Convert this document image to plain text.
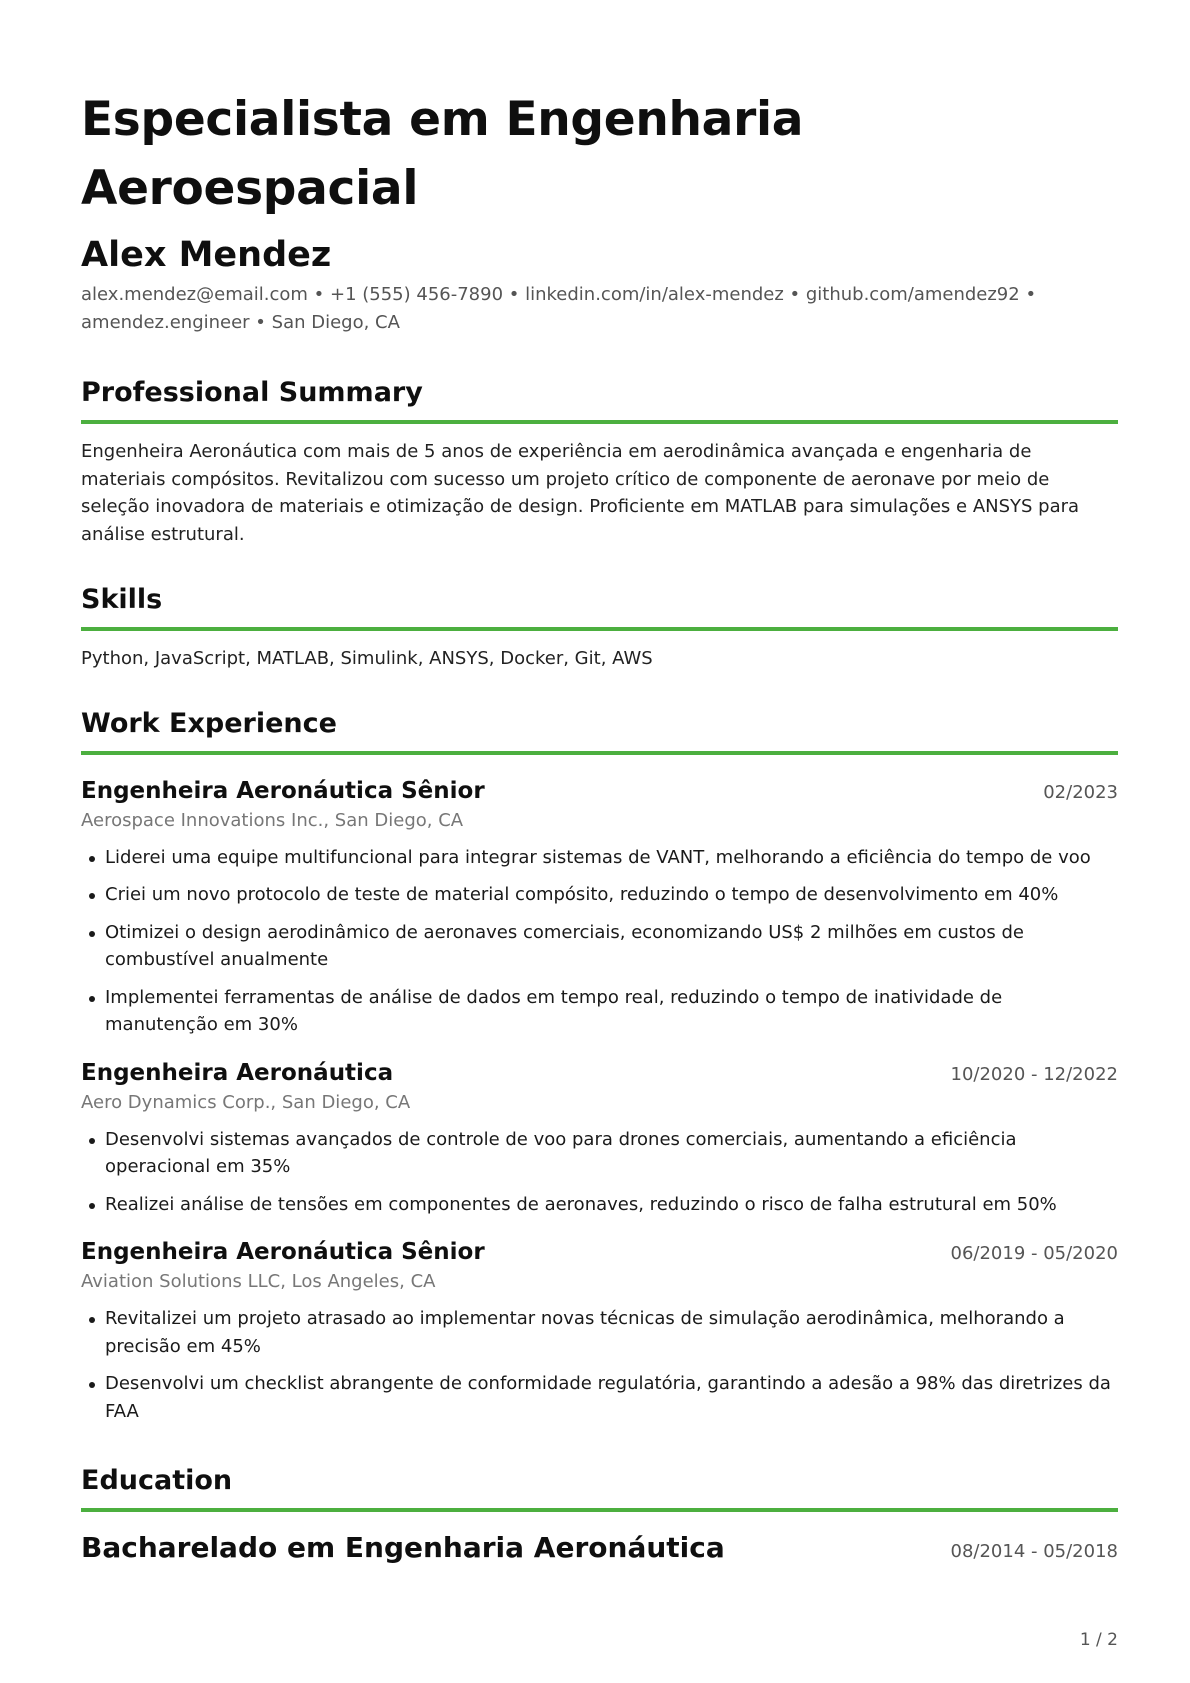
Especialista em Engenharia Aeroespacial
Alex Mendez
alex.mendez@email.com • +1 (555) 456-7890 • linkedin.com/in/alex-mendez • github.com/amendez92 • amendez.engineer • San Diego, CA
Professional Summary
Engenheira Aeronáutica com mais de 5 anos de experiência em aerodinâmica avançada e engenharia de materiais compósitos. Revitalizou com sucesso um projeto crítico de componente de aeronave por meio de seleção inovadora de materiais e otimização de design. Proficiente em MATLAB para simulações e ANSYS para análise estrutural.
Skills
Python, JavaScript, MATLAB, Simulink, ANSYS, Docker, Git, AWS
Work Experience
Engenheira Aeronáutica Sênior	02/2023
Aerospace Innovations Inc., San Diego, CA
Liderei uma equipe multifuncional para integrar sistemas de VANT, melhorando a eficiência do tempo de voo
Criei um novo protocolo de teste de material compósito, reduzindo o tempo de desenvolvimento em 40%
Otimizei o design aerodinâmico de aeronaves comerciais, economizando US$ 2 milhões em custos de combustível anualmente
Implementei ferramentas de análise de dados em tempo real, reduzindo o tempo de inatividade de manutenção em 30%
Engenheira Aeronáutica	10/2020 - 12/2022
Aero Dynamics Corp., San Diego, CA
Desenvolvi sistemas avançados de controle de voo para drones comerciais, aumentando a eficiência operacional em 35%
Realizei análise de tensões em componentes de aeronaves, reduzindo o risco de falha estrutural em 50%
Engenheira Aeronáutica Sênior	06/2019 - 05/2020
Aviation Solutions LLC, Los Angeles, CA
Revitalizei um projeto atrasado ao implementar novas técnicas de simulação aerodinâmica, melhorando a precisão em 45%
Desenvolvi um checklist abrangente de conformidade regulatória, garantindo a adesão a 98% das diretrizes da FAA
Education
Bacharelado em Engenharia Aeronáutica	08/2014 - 05/2018
1 / 2
